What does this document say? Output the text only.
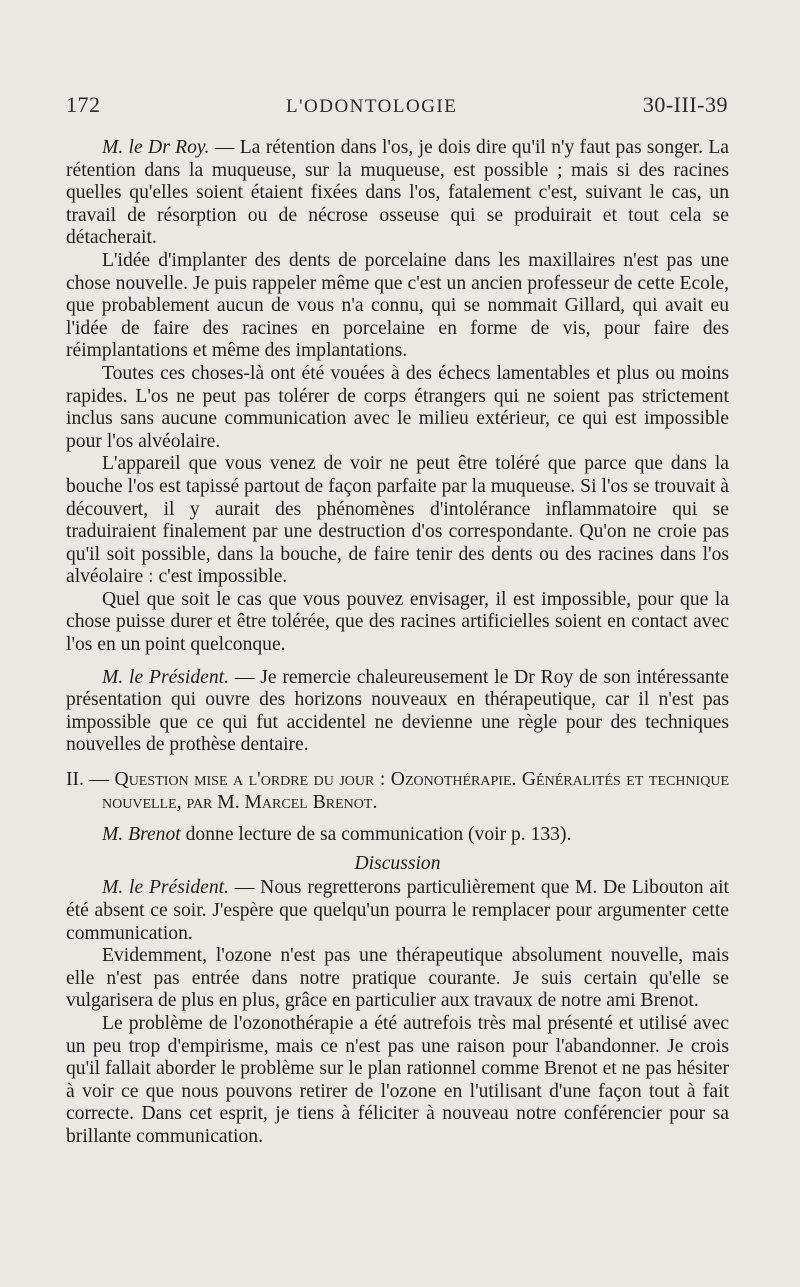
172	L'ODONTOLOGIE	30-III-39

M. le Dr Roy. — La rétention dans l'os, je dois dire qu'il n'y faut pas songer. La rétention dans la muqueuse, sur la muqueuse, est possible ; mais si des racines quelles qu'elles soient étaient fixées dans l'os, fatalement c'est, suivant le cas, un travail de résorption ou de nécrose osseuse qui se produirait et tout cela se détacherait.

L'idée d'implanter des dents de porcelaine dans les maxillaires n'est pas une chose nouvelle. Je puis rappeler même que c'est un ancien professeur de cette Ecole, que probablement aucun de vous n'a connu, qui se nommait Gillard, qui avait eu l'idée de faire des racines en porcelaine en forme de vis, pour faire des réimplantations et même des implantations.

Toutes ces choses-là ont été vouées à des échecs lamentables et plus ou moins rapides. L'os ne peut pas tolérer de corps étrangers qui ne soient pas strictement inclus sans aucune communication avec le milieu extérieur, ce qui est impossible pour l'os alvéolaire.

L'appareil que vous venez de voir ne peut être toléré que parce que dans la bouche l'os est tapissé partout de façon parfaite par la muqueuse. Si l'os se trouvait à découvert, il y aurait des phénomènes d'intolérance inflammatoire qui se traduiraient finalement par une destruction d'os correspondante. Qu'on ne croie pas qu'il soit possible, dans la bouche, de faire tenir des dents ou des racines dans l'os alvéolaire : c'est impossible.

Quel que soit le cas que vous pouvez envisager, il est impossible, pour que la chose puisse durer et être tolérée, que des racines artificielles soient en contact avec l'os en un point quelconque.

M. le Président. — Je remercie chaleureusement le Dr Roy de son intéressante présentation qui ouvre des horizons nouveaux en thérapeutique, car il n'est pas impossible que ce qui fut accidentel ne devienne une règle pour des techniques nouvelles de prothèse dentaire.

II. — Question mise a l'ordre du jour : Ozonothérapie. Généralités et technique nouvelle, par M. Marcel Brenot.

M. Brenot donne lecture de sa communication (voir p. 133).

Discussion

M. le Président. — Nous regretterons particulièrement que M. De Libouton ait été absent ce soir. J'espère que quelqu'un pourra le remplacer pour argumenter cette communication.

Evidemment, l'ozone n'est pas une thérapeutique absolument nouvelle, mais elle n'est pas entrée dans notre pratique courante. Je suis certain qu'elle se vulgarisera de plus en plus, grâce en particulier aux travaux de notre ami Brenot.

Le problème de l'ozonothérapie a été autrefois très mal présenté et utilisé avec un peu trop d'empirisme, mais ce n'est pas une raison pour l'abandonner. Je crois qu'il fallait aborder le problème sur le plan rationnel comme Brenot et ne pas hésiter à voir ce que nous pouvons retirer de l'ozone en l'utilisant d'une façon tout à fait correcte. Dans cet esprit, je tiens à féliciter à nouveau notre conférencier pour sa brillante communication.
